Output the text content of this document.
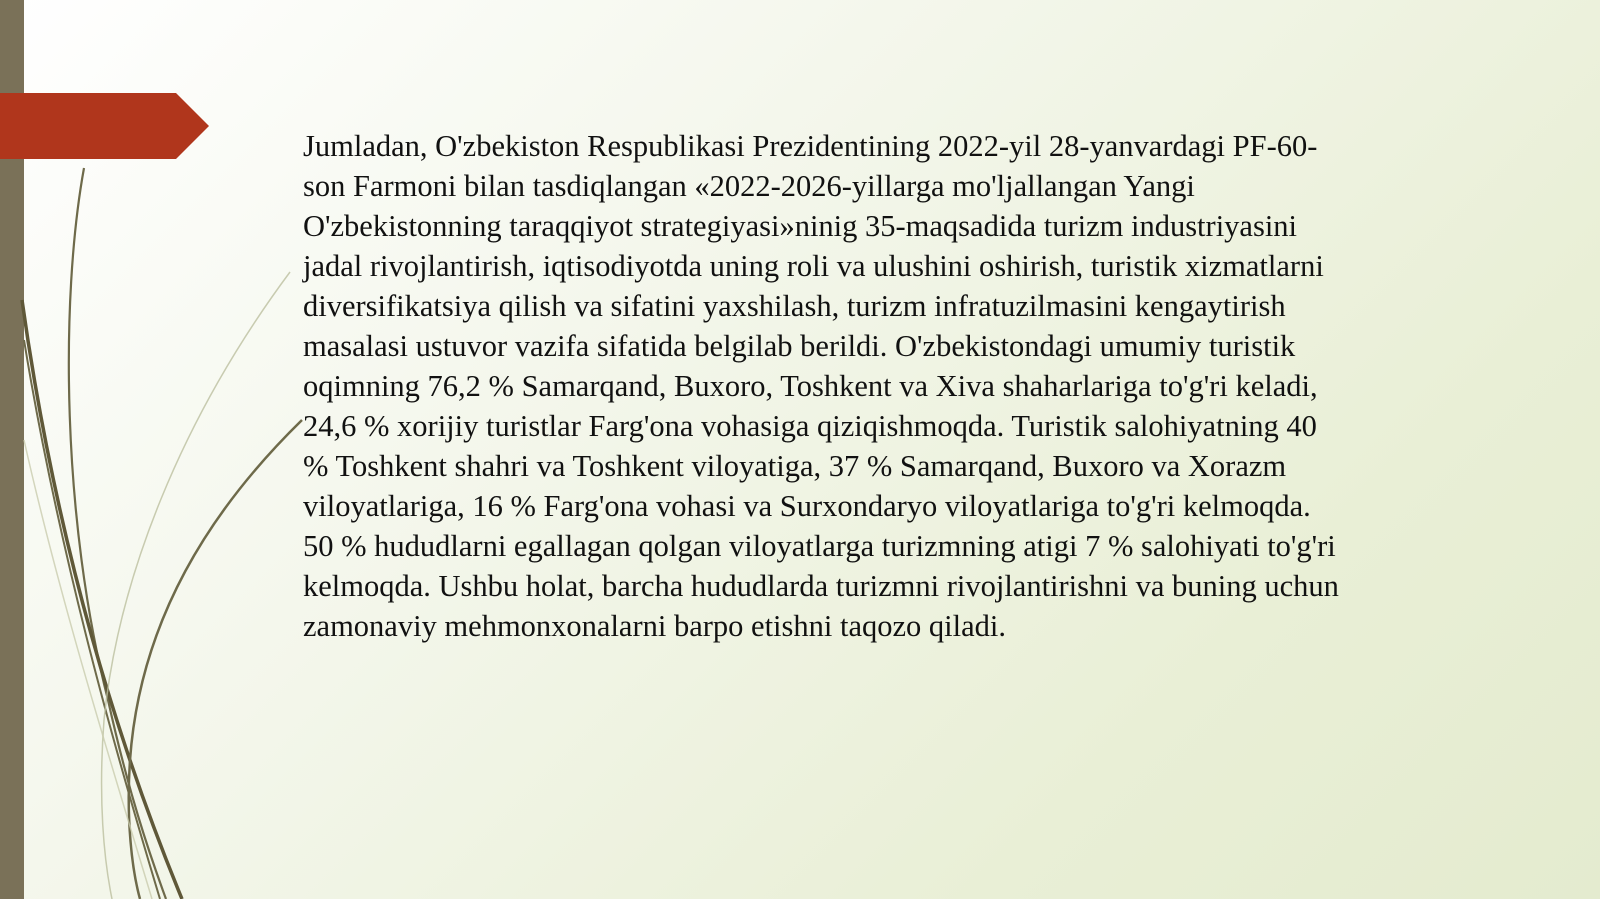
Jumladan, O'zbekiston Respublikasi Prezidentining 2022-yil 28-yanvardagi PF-60-son Farmoni bilan tasdiqlangan «2022-2026-yillarga mo'ljallangan Yangi O'zbekistonning taraqqiyot strategiyasi»ninig 35-maqsadida turizm industriyasini jadal rivojlantirish, iqtisodiyotda uning roli va ulushini oshirish, turistik xizmatlarni diversifikatsiya qilish va sifatini yaxshilash, turizm infratuzilmasini kengaytirish masalasi ustuvor vazifa sifatida belgilab berildi. O'zbekistondagi umumiy turistik oqimning 76,2 % Samarqand, Buxoro, Toshkent va Xiva shaharlariga to'g'ri keladi, 24,6 % xorijiy turistlar Farg'ona vohasiga qiziqishmoqda. Turistik salohiyatning 40 % Toshkent shahri va Toshkent viloyatiga, 37 % Samarqand, Buxoro va Xorazm viloyatlariga, 16 % Farg'ona vohasi va Surxondaryo viloyatlariga to'g'ri kelmoqda. 50 % hududlarni egallagan qolgan viloyatlarga turizmning atigi 7 % salohiyati to'g'ri kelmoqda. Ushbu holat, barcha hududlarda turizmni rivojlantirishni va buning uchun zamonaviy mehmonxonalarni barpo etishni taqozo qiladi.
